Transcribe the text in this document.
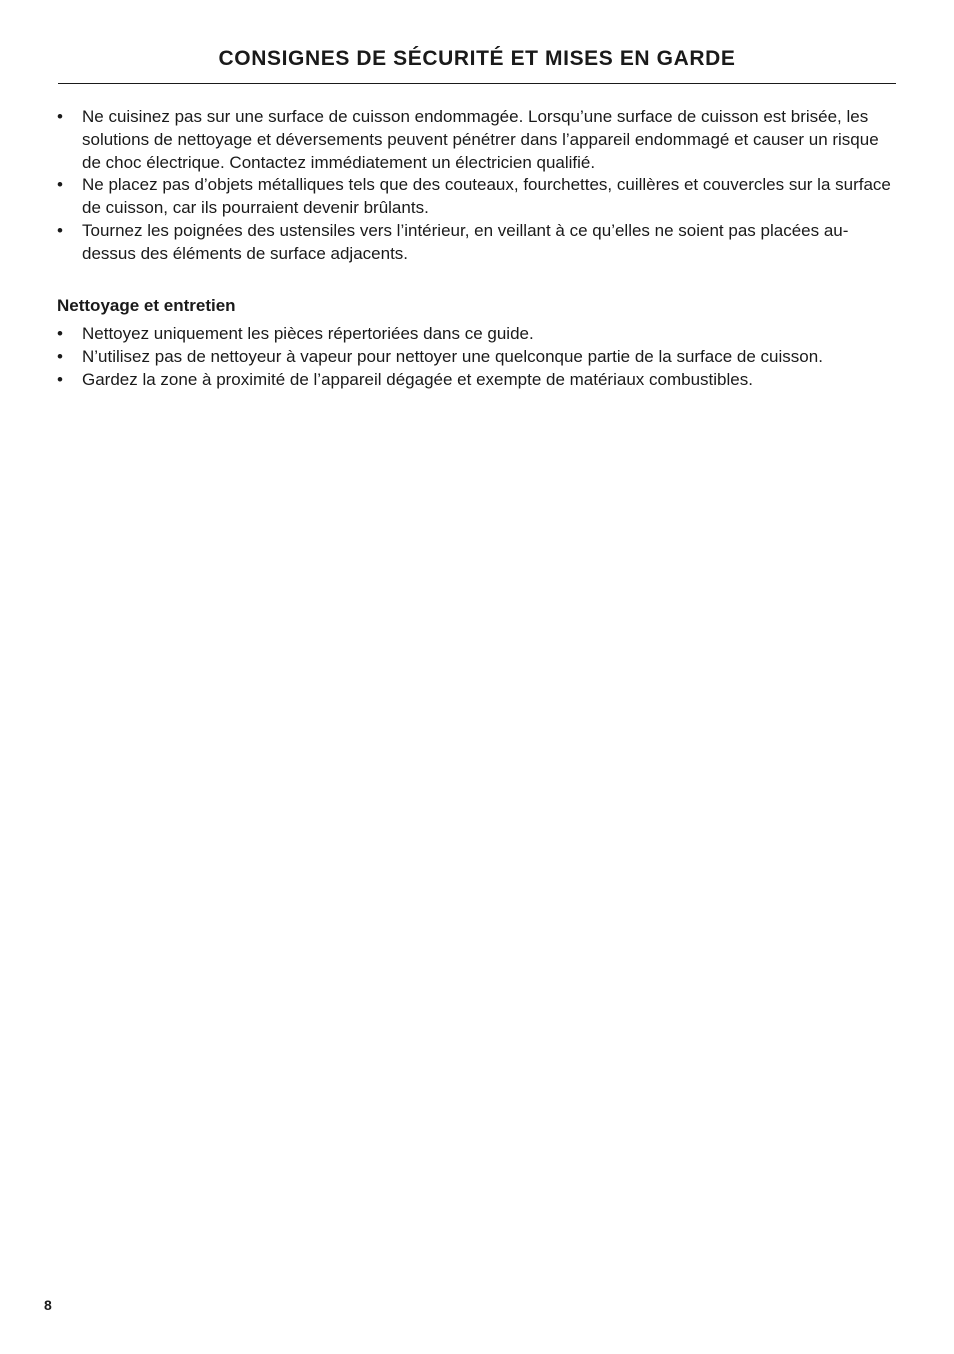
CONSIGNES DE SÉCURITÉ ET MISES EN GARDE
• Ne cuisinez pas sur une surface de cuisson endommagée. Lorsqu’une surface de cuisson est brisée, les solutions de nettoyage et déversements peuvent pénétrer dans l’appareil endommagé et causer un risque de choc électrique. Contactez immédiatement un électricien qualifié.
• Ne placez pas d’objets métalliques tels que des couteaux, fourchettes, cuillères et couvercles sur la surface de cuisson, car ils pourraient devenir brûlants.
• Tournez les poignées des ustensiles vers l’intérieur, en veillant à ce qu’elles ne soient pas placées au-dessus des éléments de surface adjacents.
Nettoyage et entretien
• Nettoyez uniquement les pièces répertoriées dans ce guide.
• N’utilisez pas de nettoyeur à vapeur pour nettoyer une quelconque partie de la surface de cuisson.
• Gardez la zone à proximité de l’appareil dégagée et exempte de matériaux combustibles.
8
